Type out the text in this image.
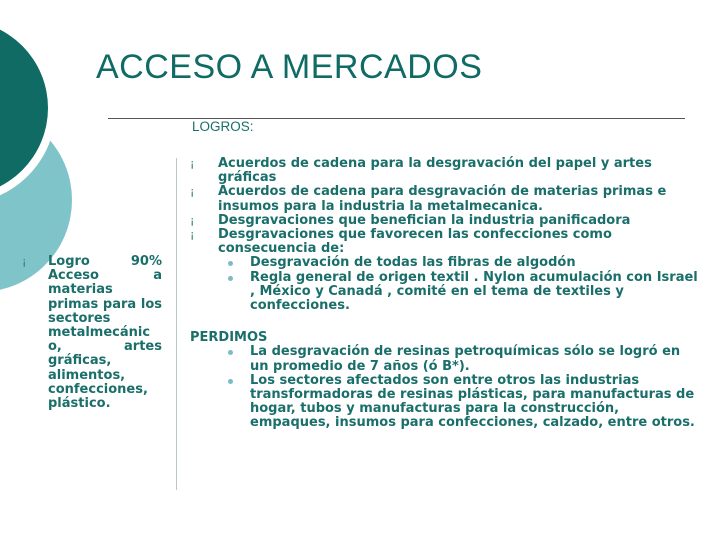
ACCESO A MERCADOS
LOGROS:
¡ Logro 90% Acceso a materias primas para los sectores metalmecánic o, artes gráficas, alimentos, confecciones, plástico.
¡ Acuerdos de cadena para la desgravación del papel y artes gráficas
¡ Acuerdos de cadena para desgravación de materias primas e insumos para la industria la metalmecanica.
¡ Desgravaciones que benefician la industria panificadora
¡ Desgravaciones que favorecen las confecciones como consecuencia de:
Desgravación de todas las fibras de algodón
Regla general de origen textil . Nylon acumulación con Israel , México y Canadá , comité en el tema de textiles y confecciones.
PERDIMOS
La desgravación de resinas petroquímicas sólo se logró en un promedio de 7 años (ó B*).
Los sectores afectados son entre otros las industrias transformadoras de resinas plásticas, para manufacturas de hogar, tubos y manufacturas para la construcción, empaques, insumos para confecciones, calzado, entre otros.
